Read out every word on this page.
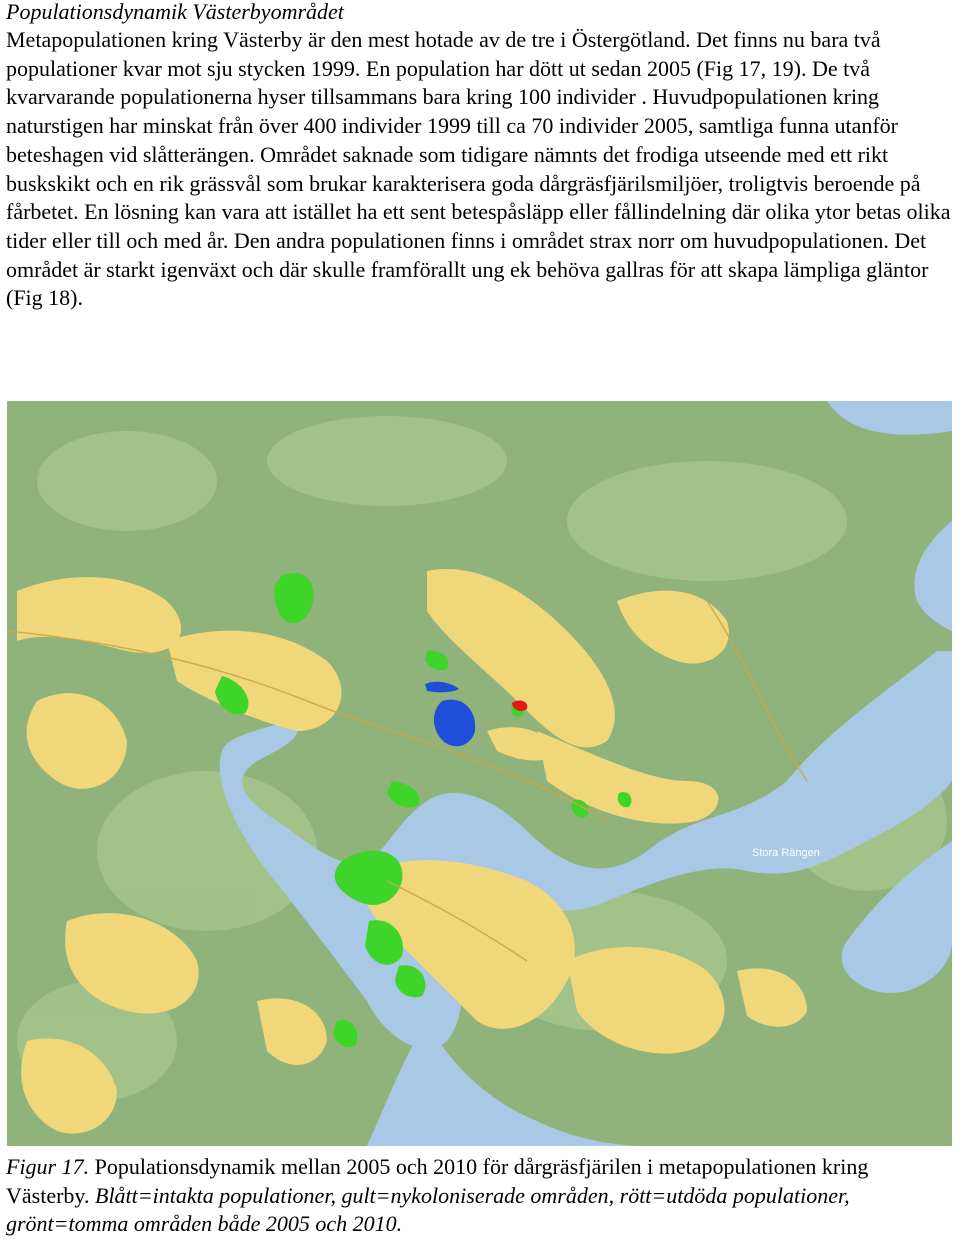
Populationsdynamik Västerbyområdet

Metapopulationen kring Västerby är den mest hotade av de tre i Östergötland. Det finns nu bara två populationer kvar mot sju stycken 1999. En population har dött ut sedan 2005 (Fig 17, 19). De två kvarvarande populationerna hyser tillsammans bara kring 100 individer . Huvudpopulationen kring naturstigen har minskat från över 400 individer 1999 till ca 70 individer 2005, samtliga funna utanför beteshagen vid slåtterängen. Området saknade som tidigare nämnts det frodiga utseende med ett rikt buskskikt och en rik grässvål som brukar karakterisera goda dårgräsfjärilsmiljöer, troligtvis beroende på fårbetet. En lösning kan vara att istället ha ett sent betespåsläpp eller fållindelning där olika ytor betas olika tider eller till och med år. Den andra populationen finns i området strax norr om huvudpopulationen. Det området är starkt igenväxt och där skulle framförallt ung ek behöva gallras för att skapa lämpliga gläntor (Fig 18).

Stora Rängen

Figur 17. Populationsdynamik mellan 2005 och 2010 för dårgräsfjärilen i metapopulationen kring Västerby. Blått=intakta populationer, gult=nykoloniserade områden, rött=utdöda populationer, grönt=tomma områden både 2005 och 2010.
